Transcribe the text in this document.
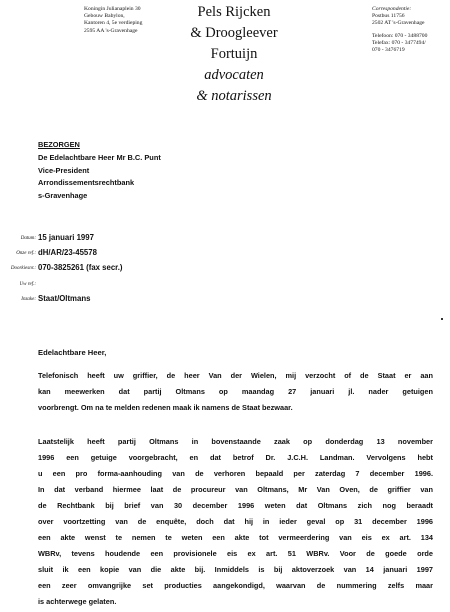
Koningin Julianaplein 30
Gebouw Babylon,
Kantoren 4, 5e verdieping
2595 AA 's-Gravenhage
Pels Rijcken
& Droogleever
Fortuijn
advocaten
& notarissen
Correspondentie:
Postbus 11756
2502 AT 's-Gravenhage
Telefoon: 070 - 3488700
Telefax: 070 - 3477494/
070 - 3476719
BEZORGEN
De Edelachtbare Heer Mr B.C. Punt
Vice-President
Arrondissementsrechtbank
s-Gravenhage
Datum: 15 januari 1997
Onze ref.: dH/AR/23-45578
Doorkiesnr.: 070-3825261 (fax secr.)
Uw ref.:
Inzake: Staat/Oltmans
Edelachtbare Heer,
Telefonisch heeft uw griffier, de heer Van der Wielen, mij verzocht of de Staat er aan
kan meewerken dat partij Oltmans op maandag 27 januari jl. nader getuigen
voorbrengt. Om na te melden redenen maak ik namens de Staat bezwaar.
Laatstelijk heeft partij Oltmans in bovenstaande zaak op donderdag 13 november
1996 een getuige voorgebracht, en dat betrof Dr. J.C.H. Landman. Vervolgens hebt
u een pro forma-aanhouding van de verhoren bepaald per zaterdag 7 december 1996.
In dat verband hiermee laat de procureur van Oltmans, Mr Van Oven, de griffier van
de Rechtbank bij brief van 30 december 1996 weten dat Oltmans zich nog beraadt
over voortzetting van de enquête, doch dat hij in ieder geval op 31 december 1996
een akte wenst te nemen te weten een akte tot vermeerdering van eis ex art. 134
WBRv, tevens houdende een provisionele eis ex art. 51 WBRv. Voor de goede orde
sluit ik een kopie van die akte bij. Inmiddels is bij aktoverzoek van 14 januari 1997
een zeer omvangrijke set producties aangekondigd, waarvan de nummering zelfs maar
is achterwege gelaten.
